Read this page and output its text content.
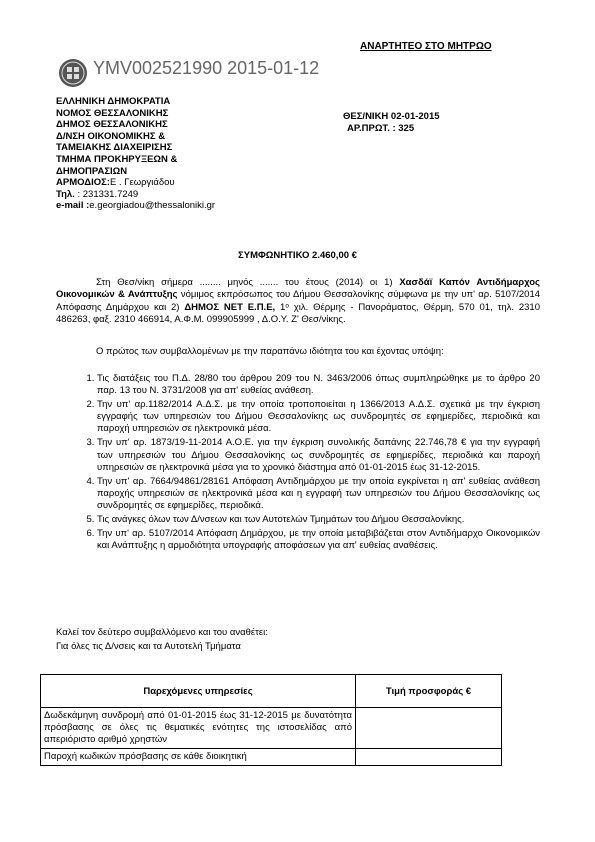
ΑΝΑΡΤΗΤΕΟ ΣΤΟ ΜΗΤΡΩΟ
ΥΜV002521990 2015-01-12
ΕΛΛΗΝΙΚΗ ΔΗΜΟΚΡΑΤΙΑ
ΝΟΜΟΣ ΘΕΣΣΑΛΟΝΙΚΗΣ
ΔΗΜΟΣ ΘΕΣΣΑΛΟΝΙΚΗΣ
Δ/ΝΣΗ ΟΙΚΟΝΟΜΙΚΗΣ &
ΤΑΜΕΙΑΚΗΣ ΔΙΑΧΕΙΡΙΣΗΣ
ΤΜΗΜΑ ΠΡΟΚΗΡΥΞΕΩΝ &
ΔΗΜΟΠΡΑΣΙΩΝ
ΑΡΜΟΔΙΟΣ:Ε . Γεωργιάδου
Τηλ. : 231331.7249
e-mail :e.georgiadou@thessaloniki.gr
ΘΕΣ/ΝΙΚΗ 02-01-2015
ΑΡ.ΠΡΩΤ. : 325
ΣΥΜΦΩΝΗΤΙΚΟ 2.460,00 €
Στη Θεσ/νίκη σήμερα ........ μηνός ....... του έτους (2014) οι 1) Χασδάϊ Καπόν Αντιδήμαρχος Οικονομικών & Ανάπτυξης νόμιμος εκπρόσωπος του Δήμου Θεσσαλονίκης σύμφωνα με την υπ' αρ. 5107/2014 Απόφασης Δημάρχου και 2) ΔΗΜΟΣ NET Ε.Π.Ε, 1ᵒ χιλ. Θέρμης - Πανοράματος, Θέρμη, 570 01, τηλ. 2310 486263, φαξ. 2310 466914, Α.Φ.Μ. 099905999 , Δ.Ο.Υ. Ζ' Θεσ/νίκης.
Ο πρώτος των συμβαλλομένων με την παραπάνω ιδιότητα του και έχοντας υπόψη:
1. Τις διατάξεις του Π.Δ. 28/80 του άρθρου 209 του Ν. 3463/2006 όπως συμπληρώθηκε με το άρθρο 20 παρ. 13 του Ν. 3731/2008 για απ' ευθείας ανάθεση.
2. Την υπ' αρ.1182/2014 Α.Δ.Σ. με την οποία τροποποιείται η 1366/2013 Α.Δ.Σ. σχετικά με την έγκριση εγγραφής των υπηρεσιών του Δήμου Θεσσαλονίκης ως συνδρομητές σε εφημερίδες, περιοδικά και παροχή υπηρεσιών σε ηλεκτρονικά μέσα.
3. Την υπ' αρ. 1873/19-11-2014 Α.Ο.Ε. για την έγκριση συνολικής δαπάνης 22.746,78 € για την εγγραφή των υπηρεσιών του Δήμου Θεσσαλονίκης ως συνδρομητές σε εφημερίδες, περιοδικά και παροχή υπηρεσιών σε ηλεκτρονικά μέσα για το χρονικό διάστημα από 01-01-2015 έως 31-12-2015.
4. Την υπ' αρ. 7664/94861/28161 Απόφαση Αντιδημάρχου με την οποία εγκρίνεται η απ' ευθείας ανάθεση παροχής υπηρεσιών σε ηλεκτρονικά μέσα και η εγγραφή των υπηρεσιών του Δήμου Θεσσαλονίκης ως συνδρομητές σε εφημερίδες, περιοδικά.
5. Τις ανάγκες όλων των Δ/νσεων και των Αυτοτελών Τμημάτων του Δήμου Θεσσαλονίκης.
6. Την υπ' αρ. 5107/2014 Απόφαση Δημάρχου, με την οποία μεταβιβάζεται στον Αντιδήμαρχο Οικονομικών και Ανάπτυξης η αρμοδιότητα υπογραφής αποφάσεων για απ' ευθείας αναθέσεις.
Καλεί τον δεύτερο συμβαλλόμενο και του αναθέτει:
Για όλες τις Δ/νσεις και τα Αυτοτελή Τμήματα
Παρεχόμενες υπηρεσίες	Τιμή προσφοράς €
Δωδεκάμηνη συνδρομή από 01-01-2015 έως 31-12-2015 με δυνατότητα πρόσβασης σε όλες τις θεματικές ενότητες της ιστοσελίδας από απεριόριστο αριθμό χρηστών	
Παροχή κωδικών πρόσβασης σε κάθε διοικητική	
